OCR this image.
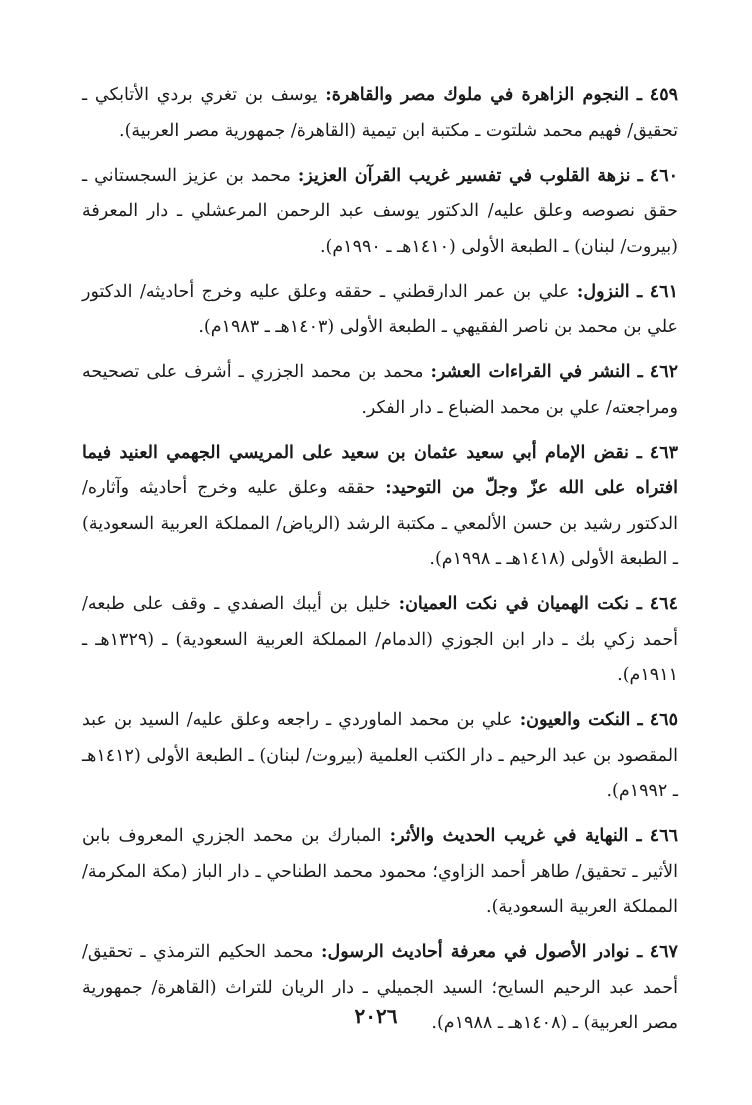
٤٥٩ ـ النجوم الزاهرة في ملوك مصر والقاهرة: يوسف بن تغري بردي الأتابكي ـ تحقيق/ فهيم محمد شلتوت ـ مكتبة ابن تيمية (القاهرة/ جمهورية مصر العربية).

٤٦٠ ـ نزهة القلوب في تفسير غريب القرآن العزيز: محمد بن عزيز السجستاني ـ حقق نصوصه وعلق عليه/ الدكتور يوسف عبد الرحمن المرعشلي ـ دار المعرفة (بيروت/ لبنان) ـ الطبعة الأولى (١٤١٠هـ ـ ١٩٩٠م).

٤٦١ ـ النزول: علي بن عمر الدارقطني ـ حققه وعلق عليه وخرج أحاديثه/ الدكتور علي بن محمد بن ناصر الفقيهي ـ الطبعة الأولى (١٤٠٣هـ ـ ١٩٨٣م).

٤٦٢ ـ النشر في القراءات العشر: محمد بن محمد الجزري ـ أشرف على تصحيحه ومراجعته/ علي بن محمد الضباع ـ دار الفكر.

٤٦٣ ـ نقض الإمام أبي سعيد عثمان بن سعيد على المريسي الجهمي العنيد فيما افتراه على الله عزّ وجلّ من التوحيد: حققه وعلق عليه وخرج أحاديثه وآثاره/ الدكتور رشيد بن حسن الألمعي ـ مكتبة الرشد (الرياض/ المملكة العربية السعودية) ـ الطبعة الأولى (١٤١٨هـ ـ ١٩٩٨م).

٤٦٤ ـ نكت الهميان في نكت العميان: خليل بن أيبك الصفدي ـ وقف على طبعه/ أحمد زكي بك ـ دار ابن الجوزي (الدمام/ المملكة العربية السعودية) ـ (١٣٢٩هـ ـ ١٩١١م).

٤٦٥ ـ النكت والعيون: علي بن محمد الماوردي ـ راجعه وعلق عليه/ السيد بن عبد المقصود بن عبد الرحيم ـ دار الكتب العلمية (بيروت/ لبنان) ـ الطبعة الأولى (١٤١٢هـ ـ ١٩٩٢م).

٤٦٦ ـ النهاية في غريب الحديث والأثر: المبارك بن محمد الجزري المعروف بابن الأثير ـ تحقيق/ طاهر أحمد الزاوي؛ محمود محمد الطناحي ـ دار الباز (مكة المكرمة/ المملكة العربية السعودية).

٤٦٧ ـ نوادر الأصول في معرفة أحاديث الرسول: محمد الحكيم الترمذي ـ تحقيق/ أحمد عبد الرحيم السايح؛ السيد الجميلي ـ دار الريان للتراث (القاهرة/ جمهورية مصر العربية) ـ (١٤٠٨هـ ـ ١٩٨٨م).

٢٠٢٦
